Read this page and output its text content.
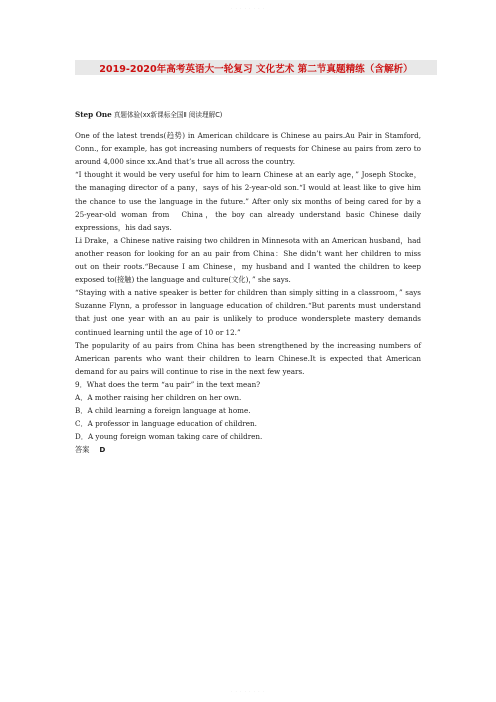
· · · · · · · ·
2019-2020年高考英语大一轮复习 文化艺术 第二节真题精练（含解析）

Step One 真题体验(xx新课标全国Ⅱ 阅读理解C)

One of the latest trends(趋势) in American childcare is Chinese au pairs.Au Pair in Stamford, Conn., for example, has got increasing numbers of requests for Chinese au pairs from zero to around 4,000 since xx.And that’s true all across the country.

“I thought it would be very useful for him to learn Chinese at an early age，” Joseph Stocke，the managing director of a pany，says of his 2-year-old son.“I would at least like to give him the chance to use the language in the future.” After only six months of being cared for by a 25-year-old woman from　China，the boy can already understand basic Chinese daily expressions，his dad says.

Li Drake，a Chinese native raising two children in Minnesota with an American husband，had another reason for looking for an au pair from China：She didn’t want her children to miss out on their roots.“Because I am Chinese，my husband and I wanted the children to keep exposed to(接触) the language and culture(文化)，” she says.

“Staying with a native speaker is better for children than simply sitting in a classroom，” says Suzanne Flynn, a professor in language education of children.“But parents must understand that just one year with an au pair is unlikely to produce wondersplete mastery demands continued learning until the age of 10 or 12.”

The popularity of au pairs from China has been strengthened by the increasing numbers of American parents who want their children to learn Chinese.It is expected that American demand for au pairs will continue to rise in the next few years.

9．What does the term “au pair” in the text mean?

A．A mother raising her children on her own.

B．A child learning a foreign language at home.

C．A professor in language education of children.

D．A young foreign woman taking care of children.

答案 D

· · · · · · · ·
